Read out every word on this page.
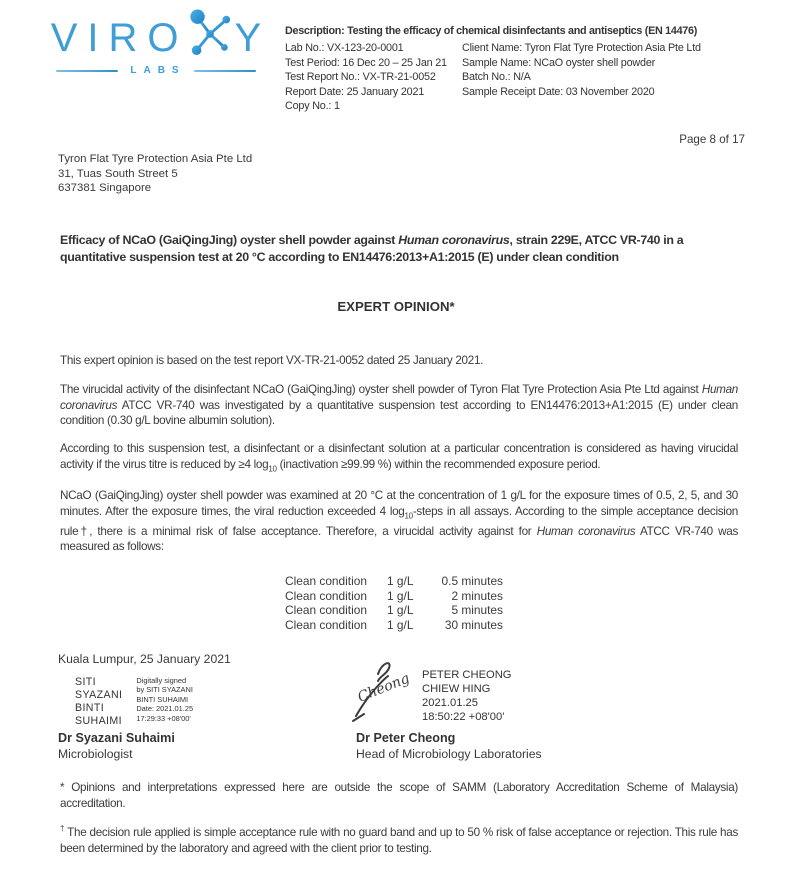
VIRO Y
LABS
Description: Testing the efficacy of chemical disinfectants and antiseptics (EN 14476)
Lab No.: VX-123-20-0001
Test Period: 16 Dec 20 – 25 Jan 21
Test Report No.: VX-TR-21-0052
Report Date: 25 January 2021
Copy No.: 1
Client Name: Tyron Flat Tyre Protection Asia Pte Ltd
Sample Name: NCaO oyster shell powder
Batch No.: N/A
Sample Receipt Date: 03 November 2020
Page 8 of 17
Tyron Flat Tyre Protection Asia Pte Ltd
31, Tuas South Street 5
637381 Singapore
Efficacy of NCaO (GaiQingJing) oyster shell powder against Human coronavirus, strain 229E, ATCC VR-740 in a quantitative suspension test at 20 °C according to EN14476:2013+A1:2015 (E) under clean condition
EXPERT OPINION*
This expert opinion is based on the test report VX-TR-21-0052 dated 25 January 2021.
The virucidal activity of the disinfectant NCaO (GaiQingJing) oyster shell powder of Tyron Flat Tyre Protection Asia Pte Ltd against Human coronavirus ATCC VR-740 was investigated by a quantitative suspension test according to EN14476:2013+A1:2015 (E) under clean condition (0.30 g/L bovine albumin solution).
According to this suspension test, a disinfectant or a disinfectant solution at a particular concentration is considered as having virucidal activity if the virus titre is reduced by ≥4 $\log_{10}$ (inactivation ≥99.99 %) within the recommended exposure period.
NCaO (GaiQingJing) oyster shell powder was examined at 20 °C at the concentration of 1 g/L for the exposure times of 0.5, 2, 5, and 30 minutes. After the exposure times, the viral reduction exceeded 4 $\log_{10}$-steps in all assays. According to the simple acceptance decision rule†, there is a minimal risk of false acceptance. Therefore, a virucidal activity against for Human coronavirus ATCC VR-740 was measured as follows:
Clean condition	1 g/L	0.5 minutes
Clean condition	1 g/L	2 minutes
Clean condition	1 g/L	5 minutes
Clean condition	1 g/L	30 minutes
Kuala Lumpur, 25 January 2021
SITI
SYAZANI
BINTI
SUHAIMI
Digitally signed
by SITI SYAZANI
BINTI SUHAIMI
Date: 2021.01.25
17:29:33 +08'00'
Cheong PETER CHEONG
CHIEW HING
2021.01.25
18:50:22 +08'00'
Dr Syazani Suhaimi
Microbiologist
Dr Peter Cheong
Head of Microbiology Laboratories
* Opinions and interpretations expressed here are outside the scope of SAMM (Laboratory Accreditation Scheme of Malaysia) accreditation.
† The decision rule applied is simple acceptance rule with no guard band and up to 50 % risk of false acceptance or rejection. This rule has been determined by the laboratory and agreed with the client prior to testing.
